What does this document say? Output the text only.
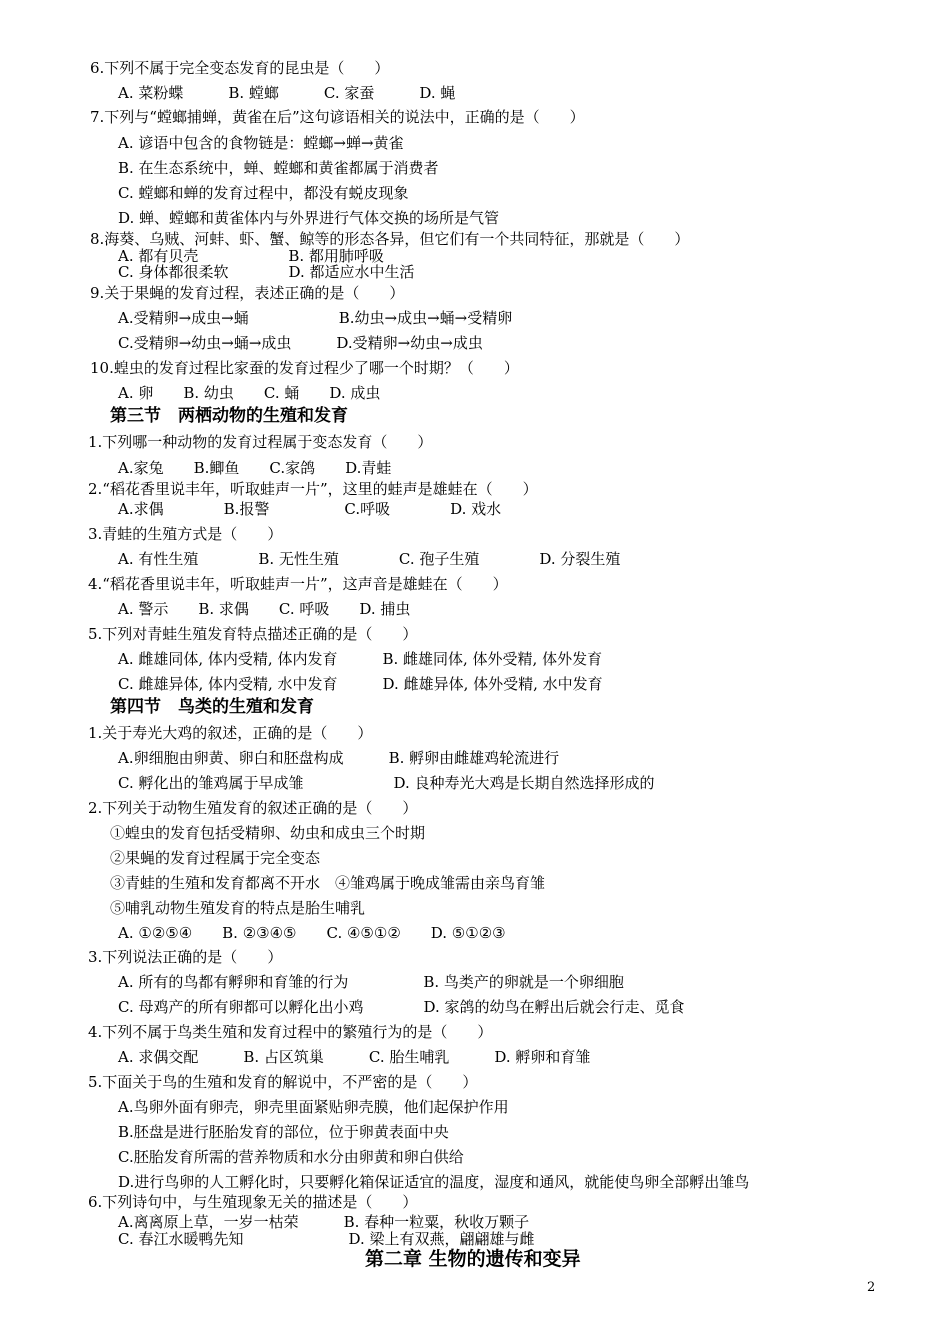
6.下列不属于完全变态发育的昆虫是（　　）
A. 菜粉蝶　　　B. 螳螂　　　C. 家蚕　　　D. 蝇
7.下列与“螳螂捕蝉，黄雀在后”这句谚语相关的说法中，正确的是（　　）
A. 谚语中包含的食物链是：螳螂→蝉→黄雀
B. 在生态系统中，蝉、螳螂和黄雀都属于消费者
C. 螳螂和蝉的发育过程中，都没有蜕皮现象
D. 蝉、螳螂和黄雀体内与外界进行气体交换的场所是气管
8.海葵、乌贼、河蚌、虾、蟹、鲸等的形态各异，但它们有一个共同特征，那就是（　　）
A. 都有贝壳　　　　　　B. 都用肺呼吸
C. 身体都很柔软　　　　D. 都适应水中生活
9.关于果蝇的发育过程，表述正确的是（　　）
A.受精卵→成虫→蛹　　　　　　B.幼虫→成虫→蛹→受精卵
C.受精卵→幼虫→蛹→成虫　　　D.受精卵→幼虫→成虫
10.蝗虫的发育过程比家蚕的发育过程少了哪一个时期？（　　）
A. 卵　　B. 幼虫　　C. 蛹　　D. 成虫
第三节　两栖动物的生殖和发育
1.下列哪一种动物的发育过程属于变态发育（　　）
A.家兔　　B.鲫鱼　　C.家鸽　　D.青蛙
2.“稻花香里说丰年，听取蛙声一片”，这里的蛙声是雄蛙在（　　）
A.求偶　　　　B.报警　　　　　C.呼吸　　　　D. 戏水
3.青蛙的生殖方式是（　　）
A. 有性生殖　　　　B. 无性生殖　　　　C. 孢子生殖　　　　D. 分裂生殖
4.“稻花香里说丰年，听取蛙声一片”，这声音是雄蛙在（　　）
A. 警示　　B. 求偶　　C. 呼吸　　D. 捕虫
5.下列对青蛙生殖发育特点描述正确的是（　　）
A. 雌雄同体, 体内受精, 体内发育　　　B. 雌雄同体, 体外受精, 体外发育
C. 雌雄异体, 体内受精, 水中发育　　　D. 雌雄异体, 体外受精, 水中发育
第四节　鸟类的生殖和发育
1.关于寿光大鸡的叙述，正确的是（　　）
A.卵细胞由卵黄、卵白和胚盘构成　　　B. 孵卵由雌雄鸡轮流进行
C. 孵化出的雏鸡属于早成雏　　　　　　D. 良种寿光大鸡是长期自然选择形成的
2.下列关于动物生殖发育的叙述正确的是（　　）
①蝗虫的发育包括受精卵、幼虫和成虫三个时期
②果蝇的发育过程属于完全变态
③青蛙的生殖和发育都离不开水　④雏鸡属于晚成雏需由亲鸟育雏
⑤哺乳动物生殖发育的特点是胎生哺乳
A. ①②⑤④　　B. ②③④⑤　　C. ④⑤①②　　D. ⑤①②③
3.下列说法正确的是（　　）
A. 所有的鸟都有孵卵和育雏的行为　　　　　B. 鸟类产的卵就是一个卵细胞
C. 母鸡产的所有卵都可以孵化出小鸡　　　　D. 家鸽的幼鸟在孵出后就会行走、觅食
4.下列不属于鸟类生殖和发育过程中的繁殖行为的是（　　）
A. 求偶交配　　　B. 占区筑巢　　　C. 胎生哺乳　　　D. 孵卵和育雏
5.下面关于鸟的生殖和发育的解说中，不严密的是（　　）
A.鸟卵外面有卵壳，卵壳里面紧贴卵壳膜，他们起保护作用
B.胚盘是进行胚胎发育的部位，位于卵黄表面中央
C.胚胎发育所需的营养物质和水分由卵黄和卵白供给
D.进行鸟卵的人工孵化时，只要孵化箱保证适宜的温度，湿度和通风，就能使鸟卵全部孵出雏鸟
6.下列诗句中，与生殖现象无关的描述是（　　）
A.离离原上草，一岁一枯荣　　　B. 春种一粒粟，秋收万颗子
C. 春江水暖鸭先知　　　　　　　D. 梁上有双燕，翩翩雄与雌
第二章 生物的遗传和变异
2
